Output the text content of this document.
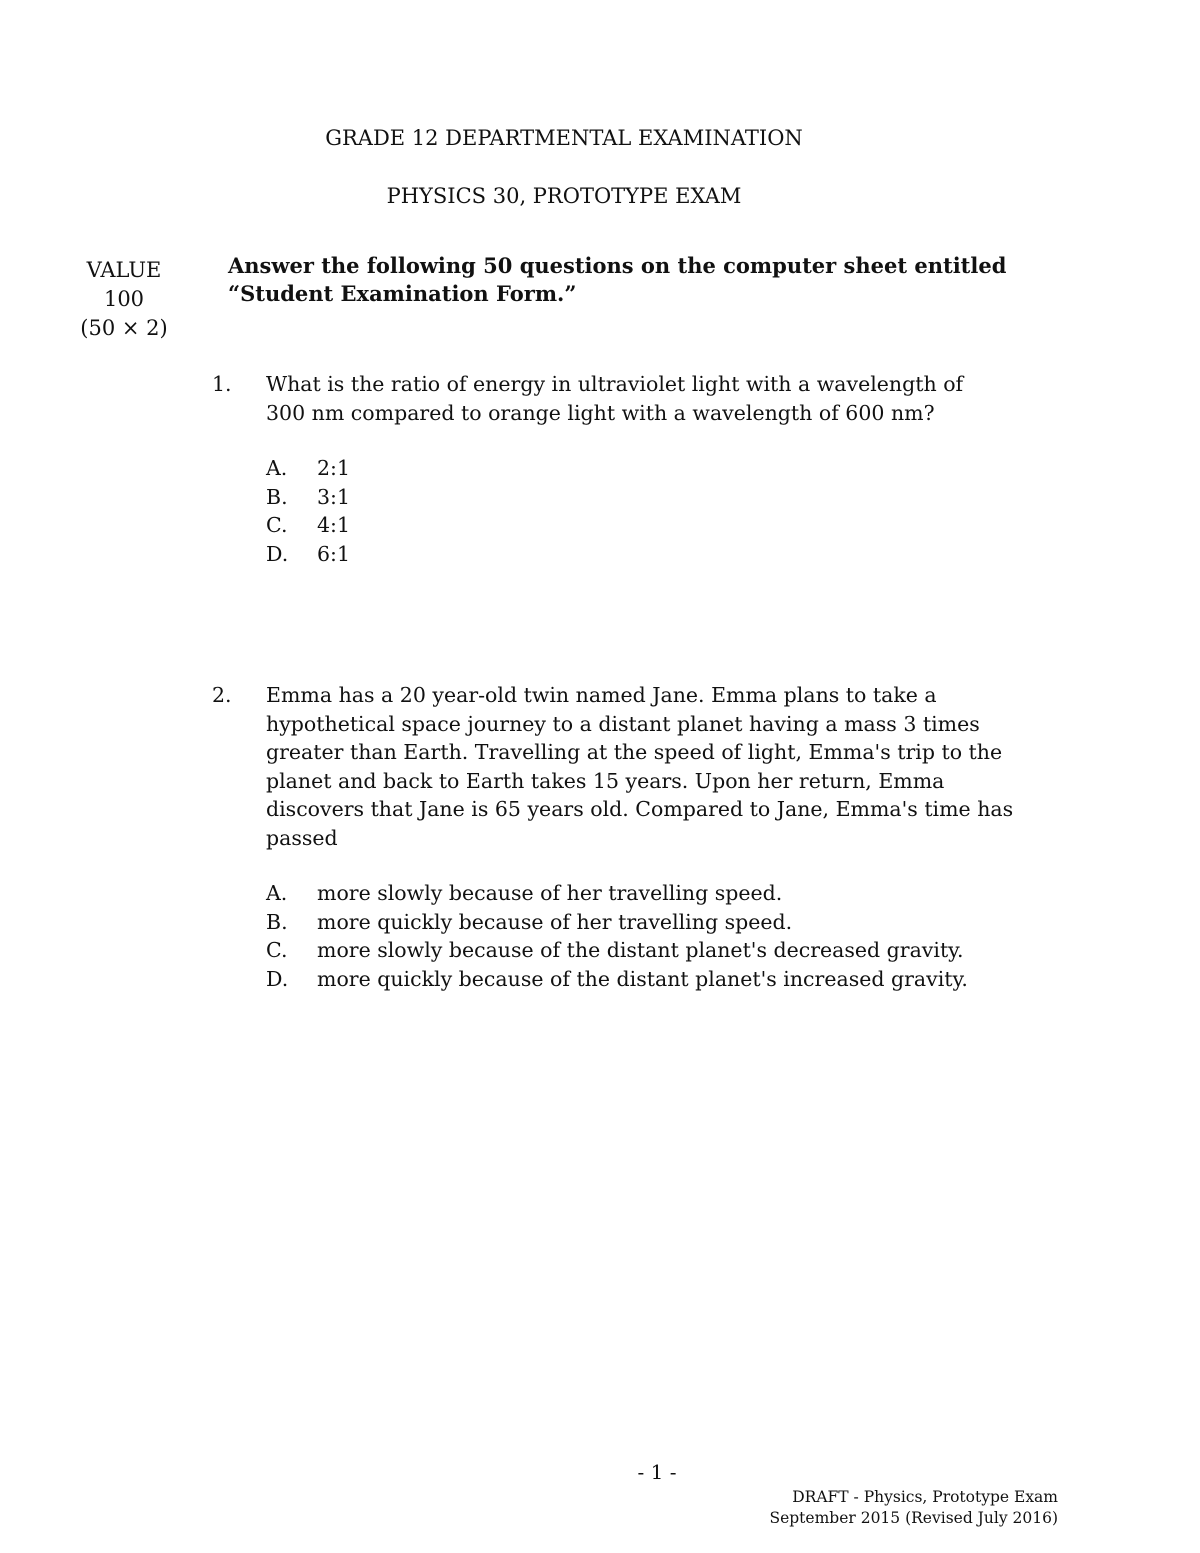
GRADE 12 DEPARTMENTAL EXAMINATION
PHYSICS 30, PROTOTYPE EXAM
VALUE
100
(50 × 2)
Answer the following 50 questions on the computer sheet entitled
“Student Examination Form.”
1. What is the ratio of energy in ultraviolet light with a wavelength of
300 nm compared to orange light with a wavelength of 600 nm?
A. 2:1
B. 3:1
C. 4:1
D. 6:1
2. Emma has a 20 year-old twin named Jane. Emma plans to take a
hypothetical space journey to a distant planet having a mass 3 times
greater than Earth. Travelling at the speed of light, Emma's trip to the
planet and back to Earth takes 15 years. Upon her return, Emma
discovers that Jane is 65 years old. Compared to Jane, Emma's time has
passed
A. more slowly because of her travelling speed.
B. more quickly because of her travelling speed.
C. more slowly because of the distant planet's decreased gravity.
D. more quickly because of the distant planet's increased gravity.
- 1 -
DRAFT - Physics, Prototype Exam
September 2015 (Revised July 2016)
